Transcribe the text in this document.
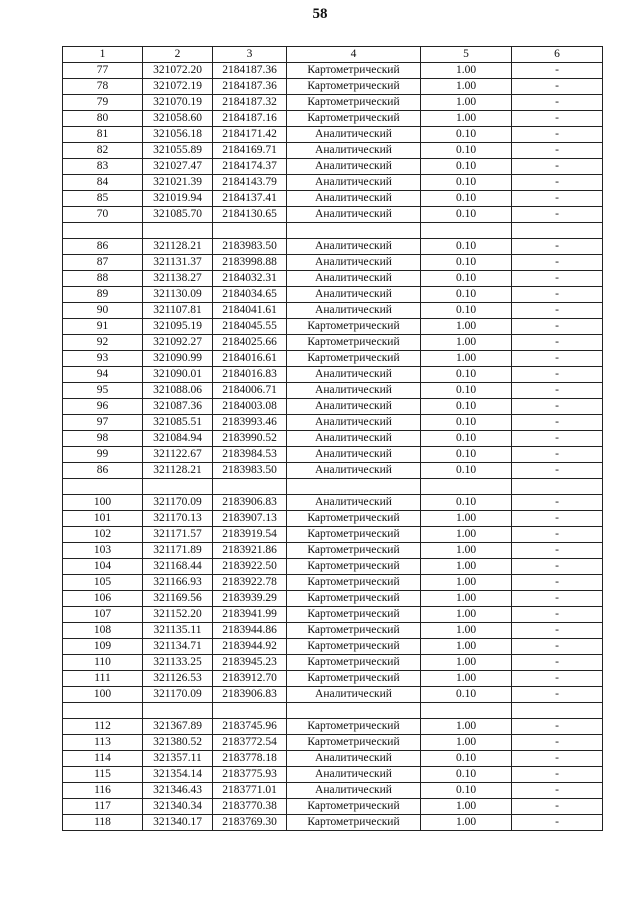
58
1	2	3	4	5	6
77	321072.20	2184187.36	Картометрический	1.00	-
78	321072.19	2184187.36	Картометрический	1.00	-
79	321070.19	2184187.32	Картометрический	1.00	-
80	321058.60	2184187.16	Картометрический	1.00	-
81	321056.18	2184171.42	Аналитический	0.10	-
82	321055.89	2184169.71	Аналитический	0.10	-
83	321027.47	2184174.37	Аналитический	0.10	-
84	321021.39	2184143.79	Аналитический	0.10	-
85	321019.94	2184137.41	Аналитический	0.10	-
70	321085.70	2184130.65	Аналитический	0.10	-

86	321128.21	2183983.50	Аналитический	0.10	-
87	321131.37	2183998.88	Аналитический	0.10	-
88	321138.27	2184032.31	Аналитический	0.10	-
89	321130.09	2184034.65	Аналитический	0.10	-
90	321107.81	2184041.61	Аналитический	0.10	-
91	321095.19	2184045.55	Картометрический	1.00	-
92	321092.27	2184025.66	Картометрический	1.00	-
93	321090.99	2184016.61	Картометрический	1.00	-
94	321090.01	2184016.83	Аналитический	0.10	-
95	321088.06	2184006.71	Аналитический	0.10	-
96	321087.36	2184003.08	Аналитический	0.10	-
97	321085.51	2183993.46	Аналитический	0.10	-
98	321084.94	2183990.52	Аналитический	0.10	-
99	321122.67	2183984.53	Аналитический	0.10	-
86	321128.21	2183983.50	Аналитический	0.10	-

100	321170.09	2183906.83	Аналитический	0.10	-
101	321170.13	2183907.13	Картометрический	1.00	-
102	321171.57	2183919.54	Картометрический	1.00	-
103	321171.89	2183921.86	Картометрический	1.00	-
104	321168.44	2183922.50	Картометрический	1.00	-
105	321166.93	2183922.78	Картометрический	1.00	-
106	321169.56	2183939.29	Картометрический	1.00	-
107	321152.20	2183941.99	Картометрический	1.00	-
108	321135.11	2183944.86	Картометрический	1.00	-
109	321134.71	2183944.92	Картометрический	1.00	-
110	321133.25	2183945.23	Картометрический	1.00	-
111	321126.53	2183912.70	Картометрический	1.00	-
100	321170.09	2183906.83	Аналитический	0.10	-

112	321367.89	2183745.96	Картометрический	1.00	-
113	321380.52	2183772.54	Картометрический	1.00	-
114	321357.11	2183778.18	Аналитический	0.10	-
115	321354.14	2183775.93	Аналитический	0.10	-
116	321346.43	2183771.01	Аналитический	0.10	-
117	321340.34	2183770.38	Картометрический	1.00	-
118	321340.17	2183769.30	Картометрический	1.00	-
